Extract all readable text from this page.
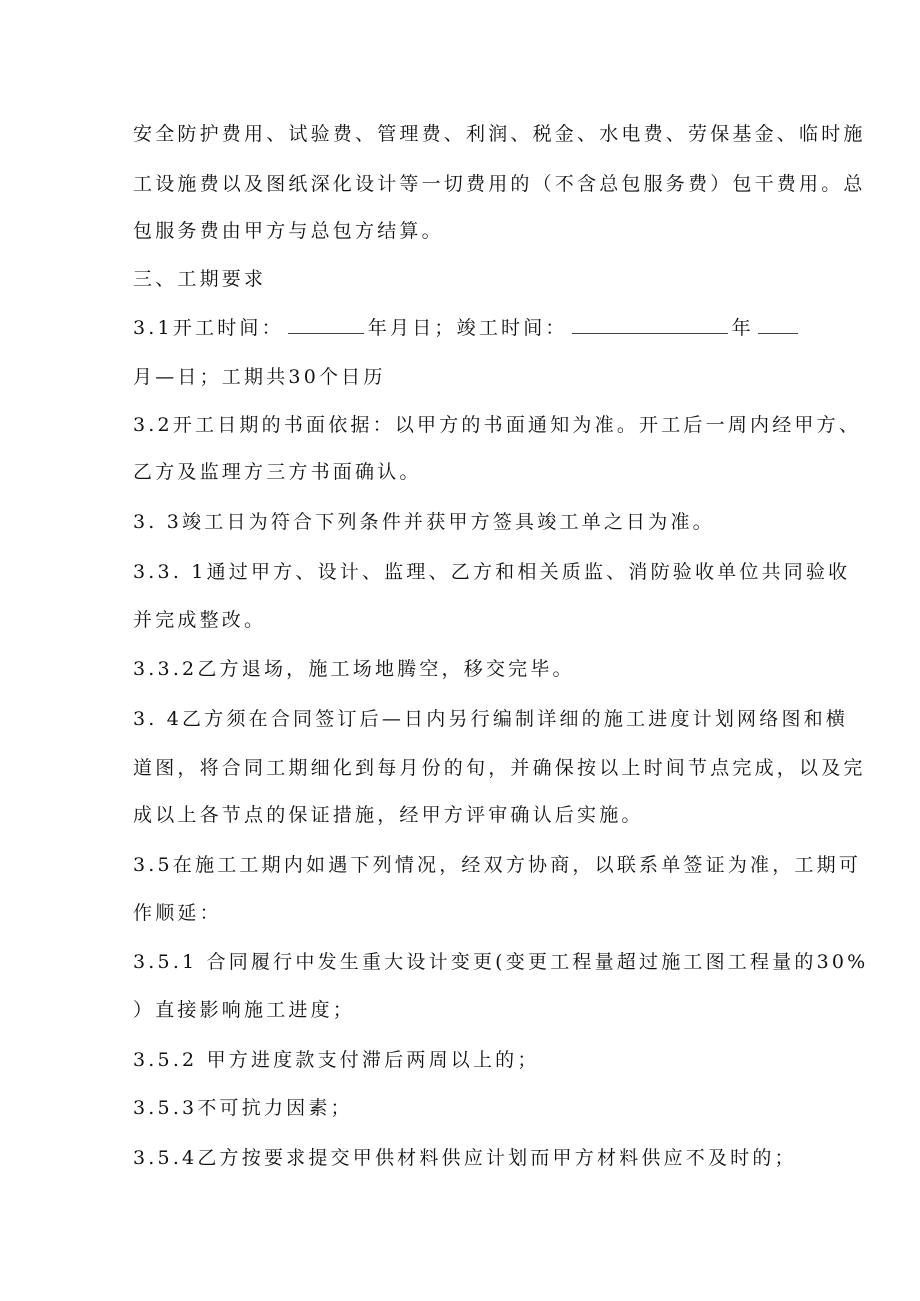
安全防护费用、试验费、管理费、利润、税金、水电费、劳保基金、临时施
工设施费以及图纸深化设计等一切费用的（不含总包服务费）包干费用。总
包服务费由甲方与总包方结算。
三、工期要求
3.1开工时间：	年月日；竣工时间：	年
月—日；工期共30个日历
3.2开工日期的书面依据：以甲方的书面通知为准。开工后一周内经甲方、
乙方及监理方三方书面确认。
3. 3竣工日为符合下列条件并获甲方签具竣工单之日为准。
3.3. 1通过甲方、设计、监理、乙方和相关质监、消防验收单位共同验收
并完成整改。
3.3.2乙方退场，施工场地腾空，移交完毕。
3. 4乙方须在合同签订后—日内另行编制详细的施工进度计划网络图和横
道图，将合同工期细化到每月份的旬，并确保按以上时间节点完成，以及完
成以上各节点的保证措施，经甲方评审确认后实施。
3.5在施工工期内如遇下列情况，经双方协商，以联系单签证为准，工期可
作顺延：
3.5.1 合同履行中发生重大设计变更(变更工程量超过施工图工程量的30%
）直接影响施工进度；
3.5.2 甲方进度款支付滞后两周以上的；
3.5.3不可抗力因素；
3.5.4乙方按要求提交甲供材料供应计划而甲方材料供应不及时的；
